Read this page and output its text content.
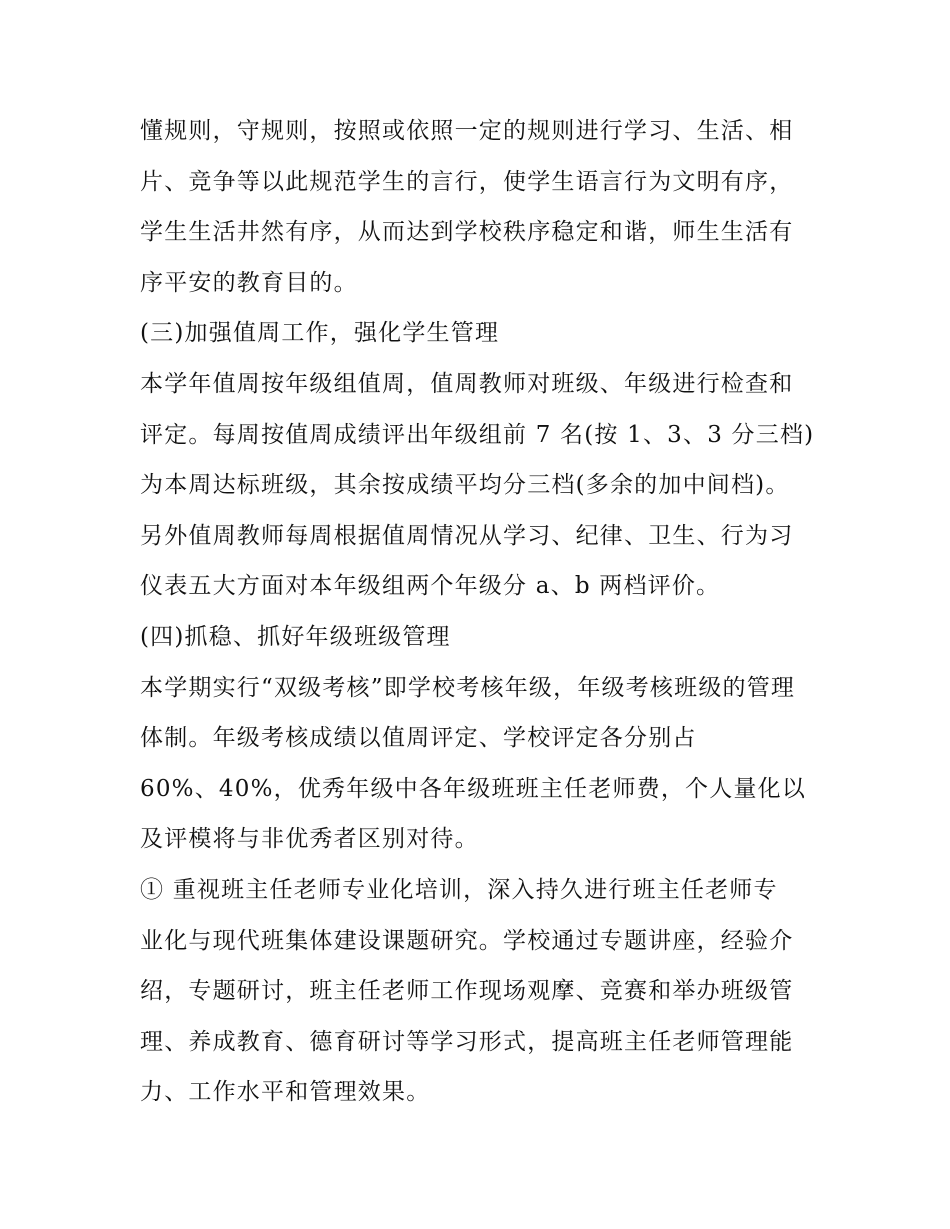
懂规则，守规则，按照或依照一定的规则进行学习、生活、相
片、竞争等以此规范学生的言行，使学生语言行为文明有序，
学生生活井然有序，从而达到学校秩序稳定和谐，师生生活有
序平安的教育目的。
(三)加强值周工作，强化学生管理
本学年值周按年级组值周，值周教师对班级、年级进行检查和
评定。每周按值周成绩评出年级组前 7 名(按 1、3、3 分三档)
为本周达标班级，其余按成绩平均分三档(多余的加中间档)。
另外值周教师每周根据值周情况从学习、纪律、卫生、行为习
仪表五大方面对本年级组两个年级分 a、b 两档评价。
(四)抓稳、抓好年级班级管理
本学期实行“双级考核”即学校考核年级，年级考核班级的管理
体制。年级考核成绩以值周评定、学校评定各分别占
60%、40%，优秀年级中各年级班班主任老师费，个人量化以
及评模将与非优秀者区别对待。
① 重视班主任老师专业化培训，深入持久进行班主任老师专
业化与现代班集体建设课题研究。学校通过专题讲座，经验介
绍，专题研讨，班主任老师工作现场观摩、竞赛和举办班级管
理、养成教育、德育研讨等学习形式，提高班主任老师管理能
力、工作水平和管理效果。
